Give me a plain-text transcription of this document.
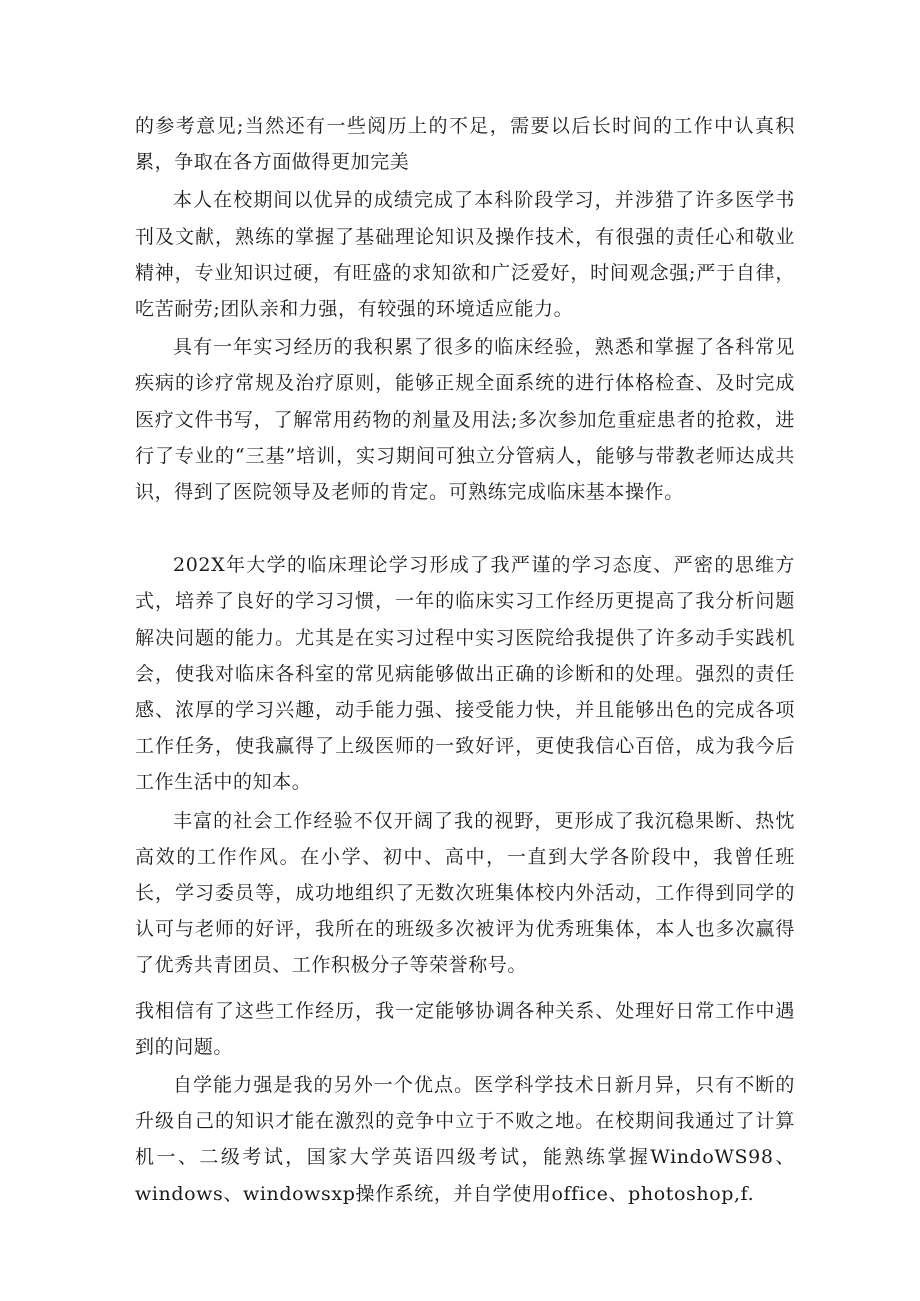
的参考意见;当然还有一些阅历上的不足，需要以后长时间的工作中认真积累，争取在各方面做得更加完美

本人在校期间以优异的成绩完成了本科阶段学习，并涉猎了许多医学书刊及文献，熟练的掌握了基础理论知识及操作技术，有很强的责任心和敬业精神，专业知识过硬，有旺盛的求知欲和广泛爱好，时间观念强;严于自律，吃苦耐劳;团队亲和力强，有较强的环境适应能力。

具有一年实习经历的我积累了很多的临床经验，熟悉和掌握了各科常见疾病的诊疗常规及治疗原则，能够正规全面系统的进行体格检查、及时完成医疗文件书写，了解常用药物的剂量及用法;多次参加危重症患者的抢救，进行了专业的“三基”培训，实习期间可独立分管病人，能够与带教老师达成共识，得到了医院领导及老师的肯定。可熟练完成临床基本操作。

202X年大学的临床理论学习形成了我严谨的学习态度、严密的思维方式，培养了良好的学习习惯，一年的临床实习工作经历更提高了我分析问题解决问题的能力。尤其是在实习过程中实习医院给我提供了许多动手实践机会，使我对临床各科室的常见病能够做出正确的诊断和的处理。强烈的责任感、浓厚的学习兴趣，动手能力强、接受能力快，并且能够出色的完成各项工作任务，使我赢得了上级医师的一致好评，更使我信心百倍，成为我今后工作生活中的知本。

丰富的社会工作经验不仅开阔了我的视野，更形成了我沉稳果断、热忱高效的工作作风。在小学、初中、高中，一直到大学各阶段中，我曾任班长，学习委员等，成功地组织了无数次班集体校内外活动，工作得到同学的认可与老师的好评，我所在的班级多次被评为优秀班集体，本人也多次赢得了优秀共青团员、工作积极分子等荣誉称号。

我相信有了这些工作经历，我一定能够协调各种关系、处理好日常工作中遇到的问题。

自学能力强是我的另外一个优点。医学科学技术日新月异，只有不断的升级自己的知识才能在激烈的竞争中立于不败之地。在校期间我通过了计算机一、二级考试，国家大学英语四级考试，能熟练掌握WindoWS98、windows、windowsxp操作系统，并自学使用office、photoshop,f.
